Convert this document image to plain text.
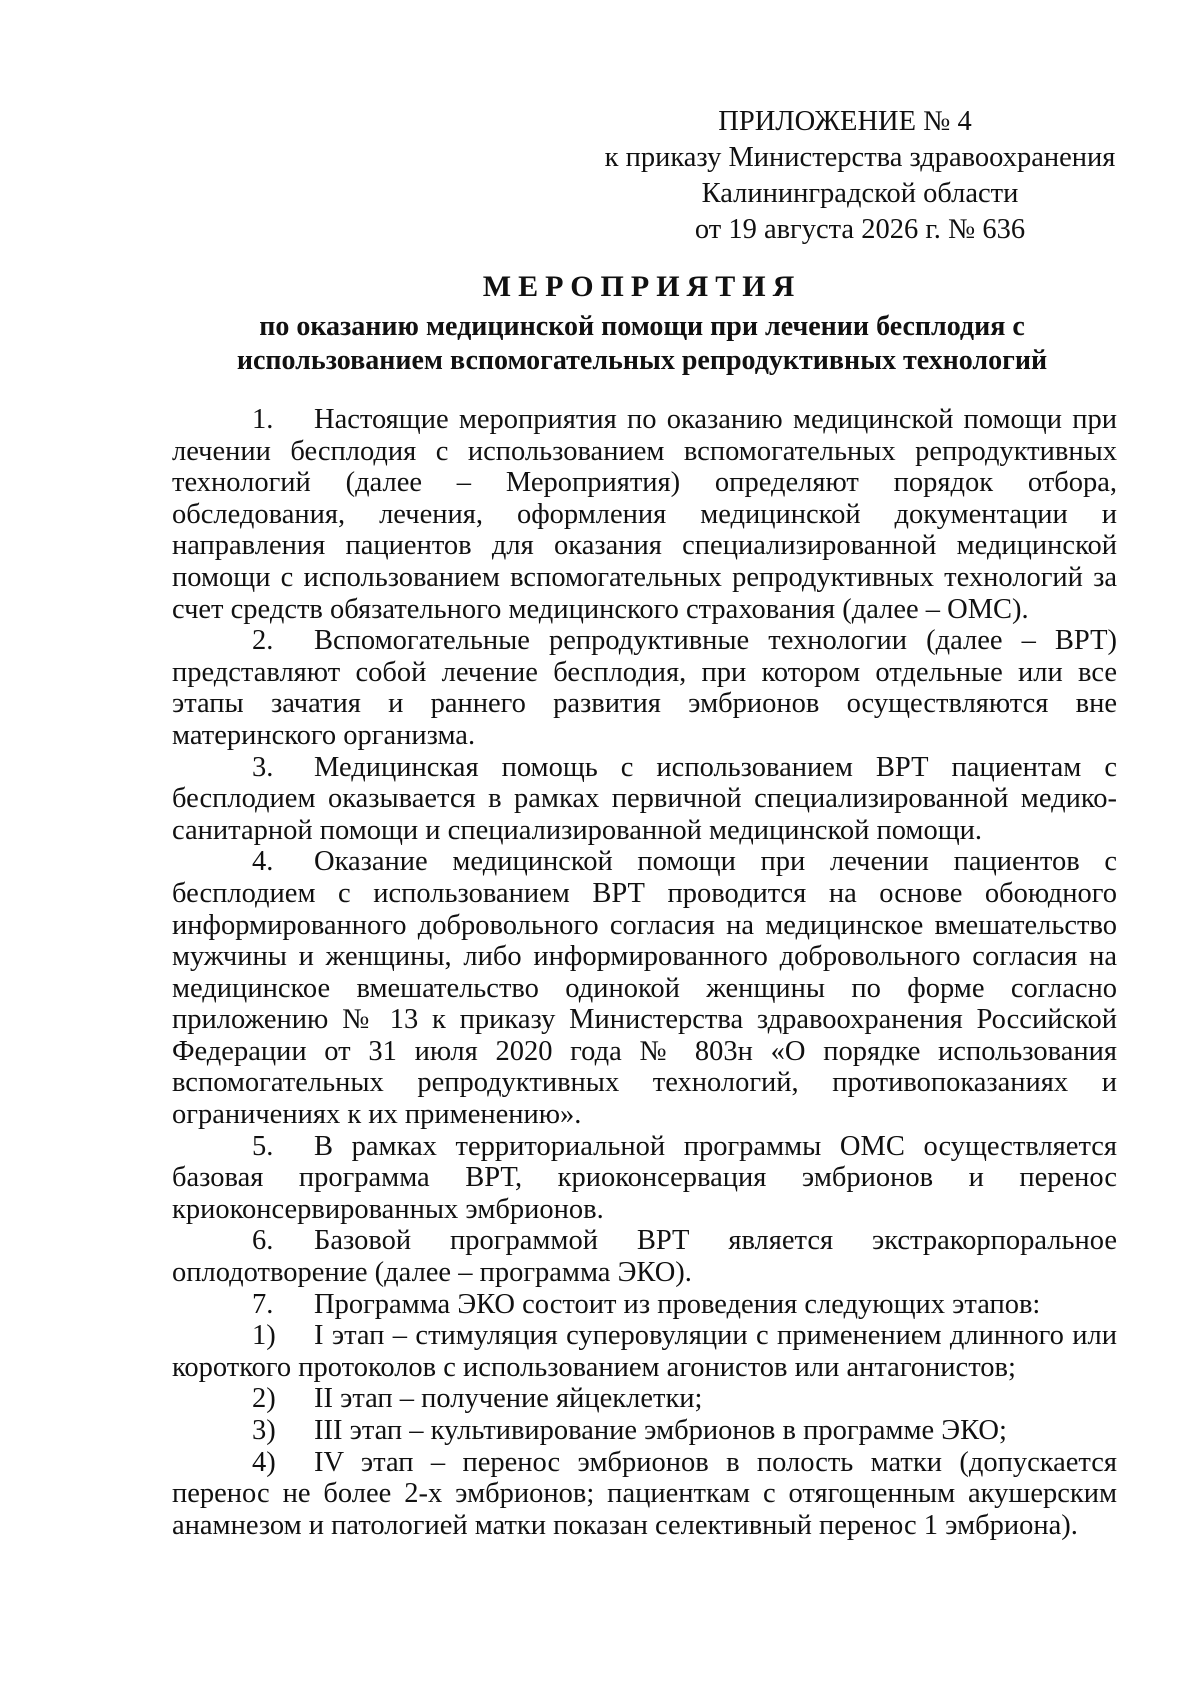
ПРИЛОЖЕНИЕ № 4
к приказу Министерства здравоохранения
Калининградской области
от 19 августа 2026 г. № 636
МЕРОПРИЯТИЯ
по оказанию медицинской помощи при лечении бесплодия с
использованием вспомогательных репродуктивных технологий

1. Настоящие мероприятия по оказанию медицинской помощи при лечении бесплодия с использованием вспомогательных репродуктивных технологий (далее – Мероприятия) определяют порядок отбора, обследования, лечения, оформления медицинской документации и направления пациентов для оказания специализированной медицинской помощи с использованием вспомогательных репродуктивных технологий за счет средств обязательного медицинского страхования (далее – ОМС).

2. Вспомогательные репродуктивные технологии (далее – ВРТ) представляют собой лечение бесплодия, при котором отдельные или все этапы зачатия и раннего развития эмбрионов осуществляются вне материнского организма.

3. Медицинская помощь с использованием ВРТ пациентам с бесплодием оказывается в рамках первичной специализированной медико-санитарной помощи и специализированной медицинской помощи.

4. Оказание медицинской помощи при лечении пациентов с бесплодием с использованием ВРТ проводится на основе обоюдного информированного добровольного согласия на медицинское вмешательство мужчины и женщины, либо информированного добровольного согласия на медицинское вмешательство одинокой женщины по форме согласно приложению № 13 к приказу Министерства здравоохранения Российской Федерации от 31 июля 2020 года № 803н «О порядке использования вспомогательных репродуктивных технологий, противопоказаниях и ограничениях к их применению».

5. В рамках территориальной программы ОМС осуществляется базовая программа ВРТ, криоконсервация эмбрионов и перенос криоконсервированных эмбрионов.

6. Базовой программой ВРТ является экстракорпоральное оплодотворение (далее – программа ЭКО).

7. Программа ЭКО состоит из проведения следующих этапов:

1) I этап – стимуляция суперовуляции с применением длинного или короткого протоколов с использованием агонистов или антагонистов;

2) II этап – получение яйцеклетки;

3) III этап – культивирование эмбрионов в программе ЭКО;

4) IV этап – перенос эмбрионов в полость матки (допускается перенос не более 2-х эмбрионов; пациенткам с отягощенным акушерским анамнезом и патологией матки показан селективный перенос 1 эмбриона).
